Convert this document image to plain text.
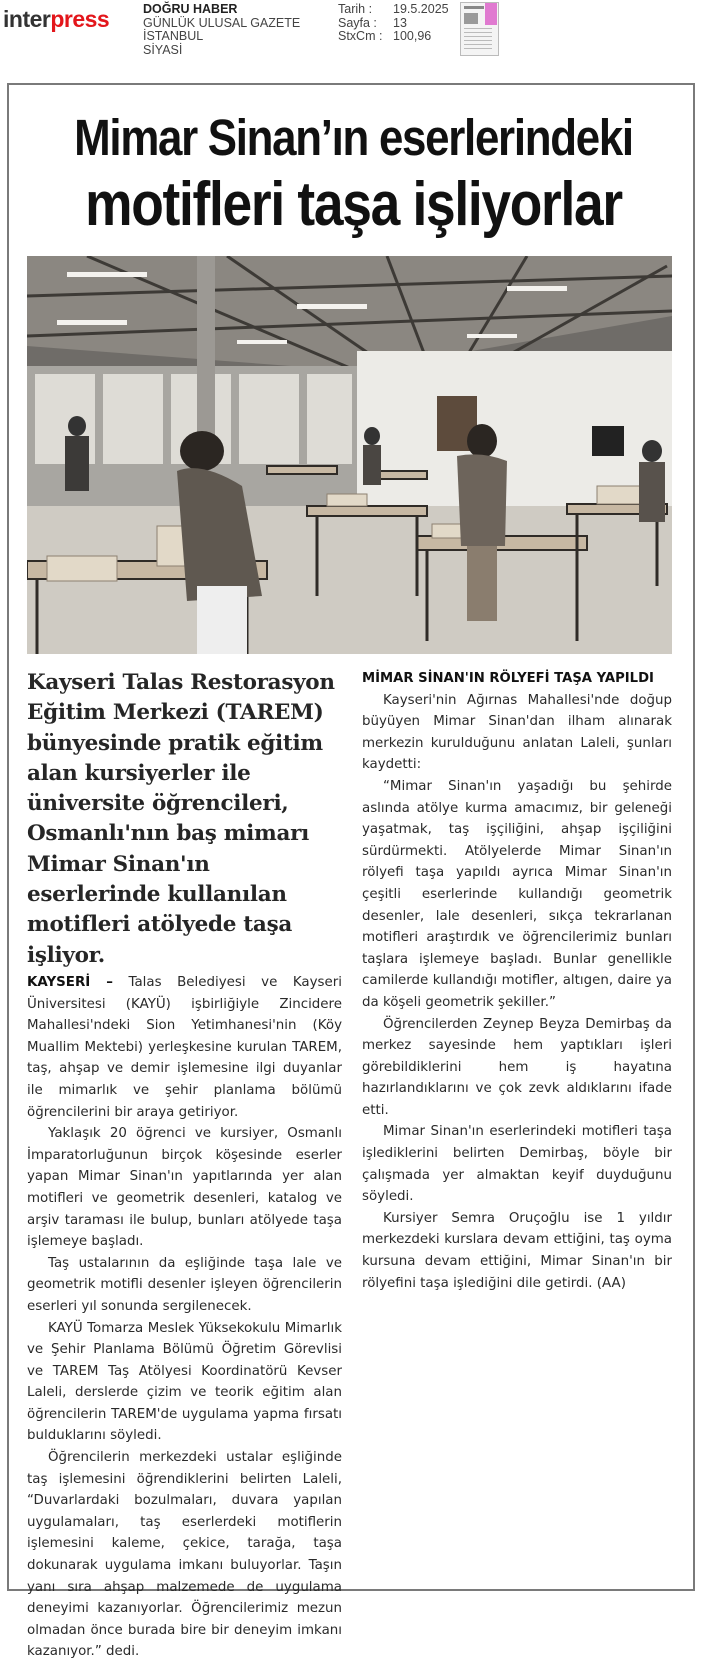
interpress	DOĞRU HABER
GÜNLÜK ULUSAL GAZETE
İSTANBUL
SİYASİ
Tarih :	19.5.2025
Sayfa :	13
StxCm : 100,96
Mimar Sinan’ın eserlerindeki
motifleri taşa işliyorlar

Kayseri Talas Restorasyon Eğitim Merkezi (TAREM) bünyesinde pratik eğitim alan kursiyerler ile üniversite öğrencileri, Osmanlı'nın baş mimarı Mimar Sinan'ın eserlerinde kullanılan motifleri atölyede taşa işliyor.

KAYSERİ – Talas Belediyesi ve Kayseri Üniversitesi (KAYÜ) işbirliğiyle Zincidere Mahallesi'ndeki Sion Yetimhanesi'nin (Köy Muallim Mektebi) yerleşkesine kurulan TAREM, taş, ahşap ve demir işlemesine ilgi duyanlar ile mimarlık ve şehir planlama bölümü öğrencilerini bir araya getiriyor.

Yaklaşık 20 öğrenci ve kursiyer, Osmanlı İmparatorluğunun birçok köşesinde eserler yapan Mimar Sinan'ın yapıtlarında yer alan motifleri ve geometrik desenleri, katalog ve arşiv taraması ile bulup, bunları atölyede taşa işlemeye başladı.

Taş ustalarının da eşliğinde taşa lale ve geometrik motifli desenler işleyen öğrencilerin eserleri yıl sonunda sergilenecek.

KAYÜ Tomarza Meslek Yüksekokulu Mimarlık ve Şehir Planlama Bölümü Öğretim Görevlisi ve TAREM Taş Atölyesi Koordinatörü Kevser Laleli, derslerde çizim ve teorik eğitim alan öğrencilerin TAREM'de uygulama yapma fırsatı bulduklarını söyledi.

Öğrencilerin merkezdeki ustalar eşliğinde taş işlemesini öğrendiklerini belirten Laleli, “Duvarlardaki bozulmaları, duvara yapılan uygulamaları, taş eserlerdeki motiflerin işlemesini kaleme, çekice, tarağa, taşa dokunarak uygulama imkanı buluyorlar. Taşın yanı sıra ahşap malzemede de uygulama deneyimi kazanıyorlar. Öğrencilerimiz mezun olmadan önce burada bire bir deneyim imkanı kazanıyor.” dedi.

MİMAR SİNAN'IN RÖLYEFİ TAŞA YAPILDI

Kayseri'nin Ağırnas Mahallesi'nde doğup büyüyen Mimar Sinan'dan ilham alınarak merkezin kurulduğunu anlatan Laleli, şunları kaydetti:

“Mimar Sinan'ın yaşadığı bu şehirde aslında atölye kurma amacımız, bir geleneği yaşatmak, taş işçiliğini, ahşap işçiliğini sürdürmekti. Atölyelerde Mimar Sinan'ın rölyefi taşa yapıldı ayrıca Mimar Sinan'ın çeşitli eserlerinde kullandığı geometrik desenler, lale desenleri, sıkça tekrarlanan motifleri araştırdık ve öğrencilerimiz bunları taşlara işlemeye başladı. Bunlar genellikle camilerde kullandığı motifler, altıgen, daire ya da köşeli geometrik şekiller.”

Öğrencilerden Zeynep Beyza Demirbaş da merkez sayesinde hem yaptıkları işleri görebildiklerini hem iş hayatına hazırlandıklarını ve çok zevk aldıklarını ifade etti.

Mimar Sinan'ın eserlerindeki motifleri taşa işlediklerini belirten Demirbaş, böyle bir çalışmada yer almaktan keyif duyduğunu söyledi.

Kursiyer Semra Oruçoğlu ise 1 yıldır merkezdeki kurslara devam ettiğini, taş oyma kursuna devam ettiğini, Mimar Sinan'ın bir rölyefini taşa işlediğini dile getirdi. (AA)
